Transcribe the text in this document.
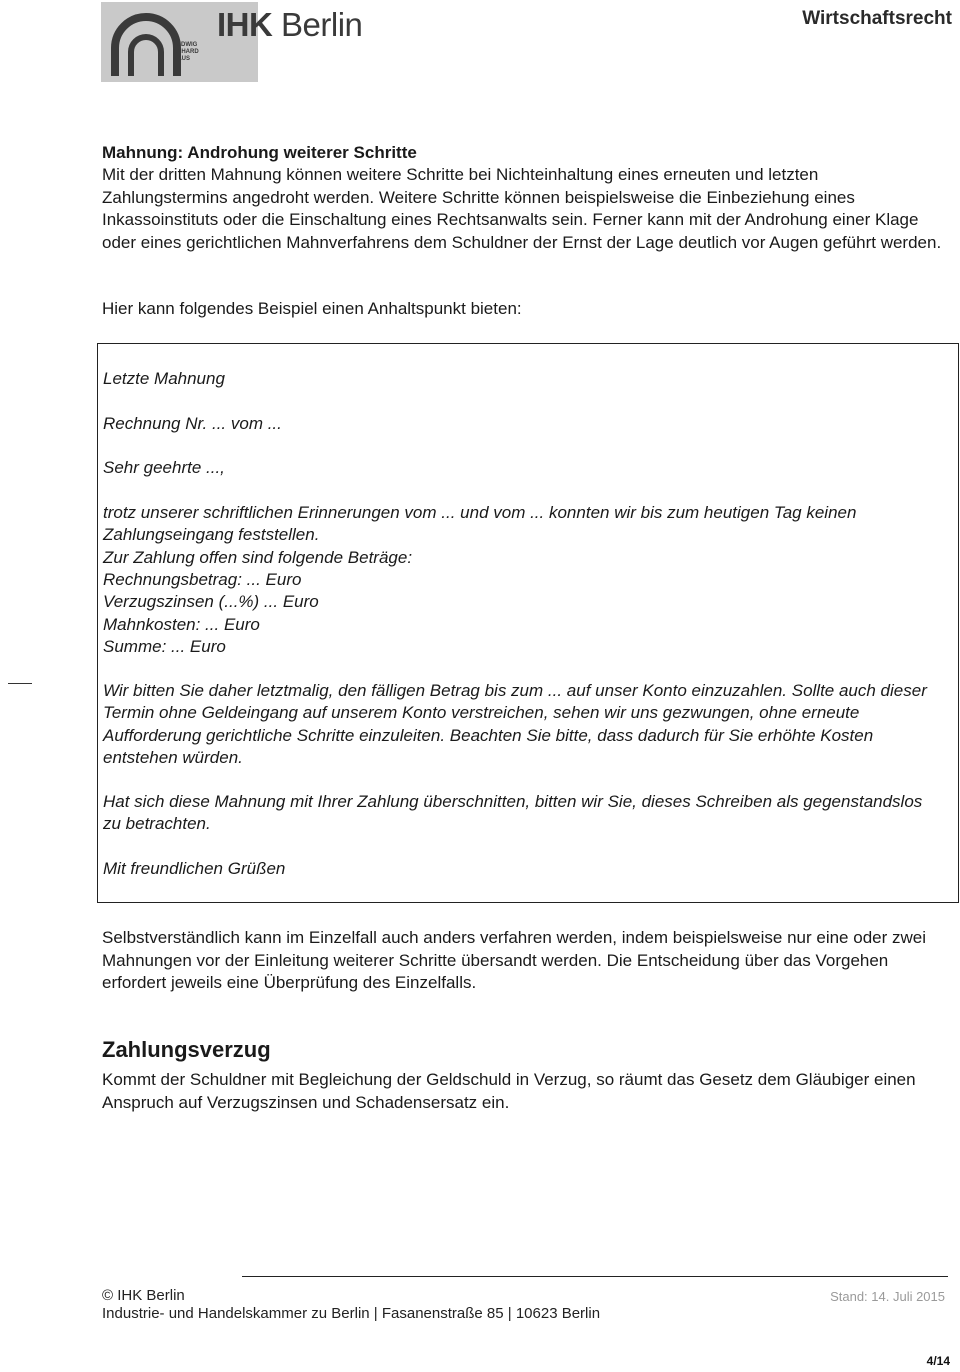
IHK Berlin
LUDWIG ERHARD HAUS
Wirtschaftsrecht
Mahnung: Androhung weiterer Schritte
Mit der dritten Mahnung können weitere Schritte bei Nichteinhaltung eines erneuten und letzten Zahlungstermins angedroht werden. Weitere Schritte können beispielsweise die Einbeziehung eines Inkassoinstituts oder die Einschaltung eines Rechtsanwalts sein. Ferner kann mit der Androhung einer Klage oder eines gerichtlichen Mahnverfahrens dem Schuldner der Ernst der Lage deutlich vor Augen geführt werden.
Hier kann folgendes Beispiel einen Anhaltspunkt bieten:
Letzte Mahnung
Rechnung Nr. ... vom ...
Sehr geehrte ...,
trotz unserer schriftlichen Erinnerungen vom ... und vom ... konnten wir bis zum heutigen Tag keinen Zahlungseingang feststellen.
Zur Zahlung offen sind folgende Beträge:
Rechnungsbetrag: ... Euro
Verzugszinsen (...%) ... Euro
Mahnkosten: ... Euro
Summe: ... Euro
Wir bitten Sie daher letztmalig, den fälligen Betrag bis zum ... auf unser Konto einzuzahlen. Sollte auch dieser Termin ohne Geldeingang auf unserem Konto verstreichen, sehen wir uns gezwungen, ohne erneute Aufforderung gerichtliche Schritte einzuleiten. Beachten Sie bitte, dass dadurch für Sie erhöhte Kosten entstehen würden.
Hat sich diese Mahnung mit Ihrer Zahlung überschnitten, bitten wir Sie, dieses Schreiben als gegenstandslos zu betrachten.
Mit freundlichen Grüßen
Selbstverständlich kann im Einzelfall auch anders verfahren werden, indem beispielsweise nur eine oder zwei Mahnungen vor der Einleitung weiterer Schritte übersandt werden. Die Entscheidung über das Vorgehen erfordert jeweils eine Überprüfung des Einzelfalls.
Zahlungsverzug
Kommt der Schuldner mit Begleichung der Geldschuld in Verzug, so räumt das Gesetz dem Gläubiger einen Anspruch auf Verzugszinsen und Schadensersatz ein.
© IHK Berlin	Stand: 14. Juli 2015
Industrie- und Handelskammer zu Berlin | Fasanenstraße 85 | 10623 Berlin
4/14
